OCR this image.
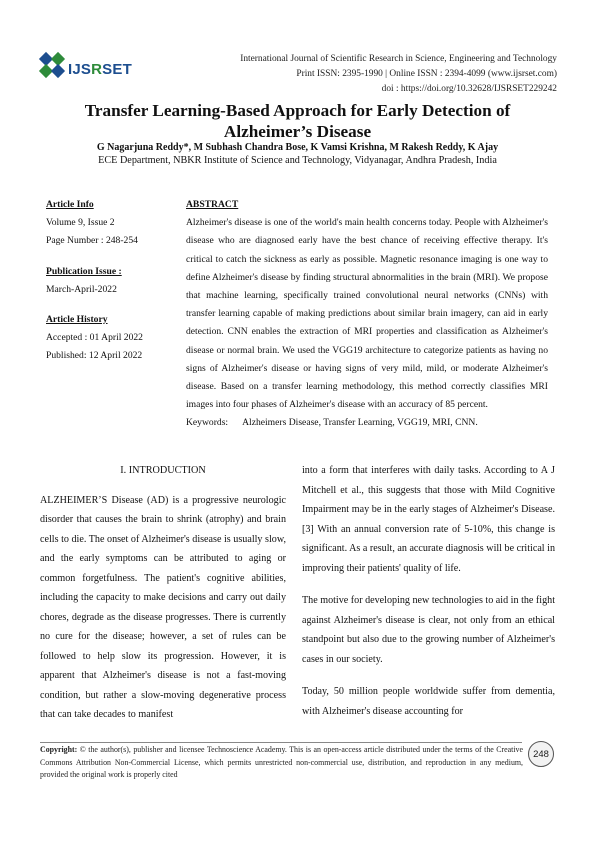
IJSRSET
International Journal of Scientific Research in Science, Engineering and Technology
Print ISSN: 2395-1990 | Online ISSN : 2394-4099 (www.ijsrset.com)
doi : https://doi.org/10.32628/IJSRSET229242
Transfer Learning-Based Approach for Early Detection of
Alzheimer’s Disease
G Nagarjuna Reddy*, M Subhash Chandra Bose, K Vamsi Krishna, M Rakesh Reddy, K Ajay
ECE Department, NBKR Institute of Science and Technology, Vidyanagar, Andhra Pradesh, India
Article Info
Volume 9, Issue 2
Page Number : 248-254
Publication Issue :
March-April-2022
Article History
Accepted : 01 April 2022
Published: 12 April 2022
ABSTRACT
Alzheimer's disease is one of the world's main health concerns today. People with Alzheimer's disease who are diagnosed early have the best chance of receiving effective therapy. It's critical to catch the sickness as early as possible. Magnetic resonance imaging is one way to define Alzheimer's disease by finding structural abnormalities in the brain (MRI). We propose that machine learning, specifically trained convolutional neural networks (CNNs) with transfer learning capable of making predictions about similar brain imagery, can aid in early detection. CNN enables the extraction of MRI properties and classification as Alzheimer's disease or normal brain. We used the VGG19 architecture to categorize patients as having no signs of Alzheimer's disease or having signs of very mild, mild, or moderate Alzheimer's disease. Based on a transfer learning methodology, this method correctly classifies MRI images into four phases of Alzheimer's disease with an accuracy of 85 percent.
Keywords: Alzheimers Disease, Transfer Learning, VGG19, MRI, CNN.
I. INTRODUCTION
ALZHEIMER’S Disease (AD) is a progressive neurologic disorder that causes the brain to shrink (atrophy) and brain cells to die. The onset of Alzheimer's disease is usually slow, and the early symptoms can be attributed to aging or common forgetfulness. The patient's cognitive abilities, including the capacity to make decisions and carry out daily chores, degrade as the disease progresses. There is currently no cure for the disease; however, a set of rules can be followed to help slow its progression. However, it is apparent that Alzheimer's disease is not a fast-moving condition, but rather a slow-moving degenerative process that can take decades to manifest
into a form that interferes with daily tasks. According to A J Mitchell et al., this suggests that those with Mild Cognitive Impairment may be in the early stages of Alzheimer's Disease. [3] With an annual conversion rate of 5-10%, this change is significant. As a result, an accurate diagnosis will be critical in improving their patients' quality of life.
The motive for developing new technologies to aid in the fight against Alzheimer's disease is clear, not only from an ethical standpoint but also due to the growing number of Alzheimer's cases in our society.
Today, 50 million people worldwide suffer from dementia, with Alzheimer's disease accounting for
Copyright: © the author(s), publisher and licensee Technoscience Academy. This is an open-access article distributed under the terms of the Creative Commons Attribution Non-Commercial License, which permits unrestricted non-commercial use, distribution, and reproduction in any medium, provided the original work is properly cited
248
